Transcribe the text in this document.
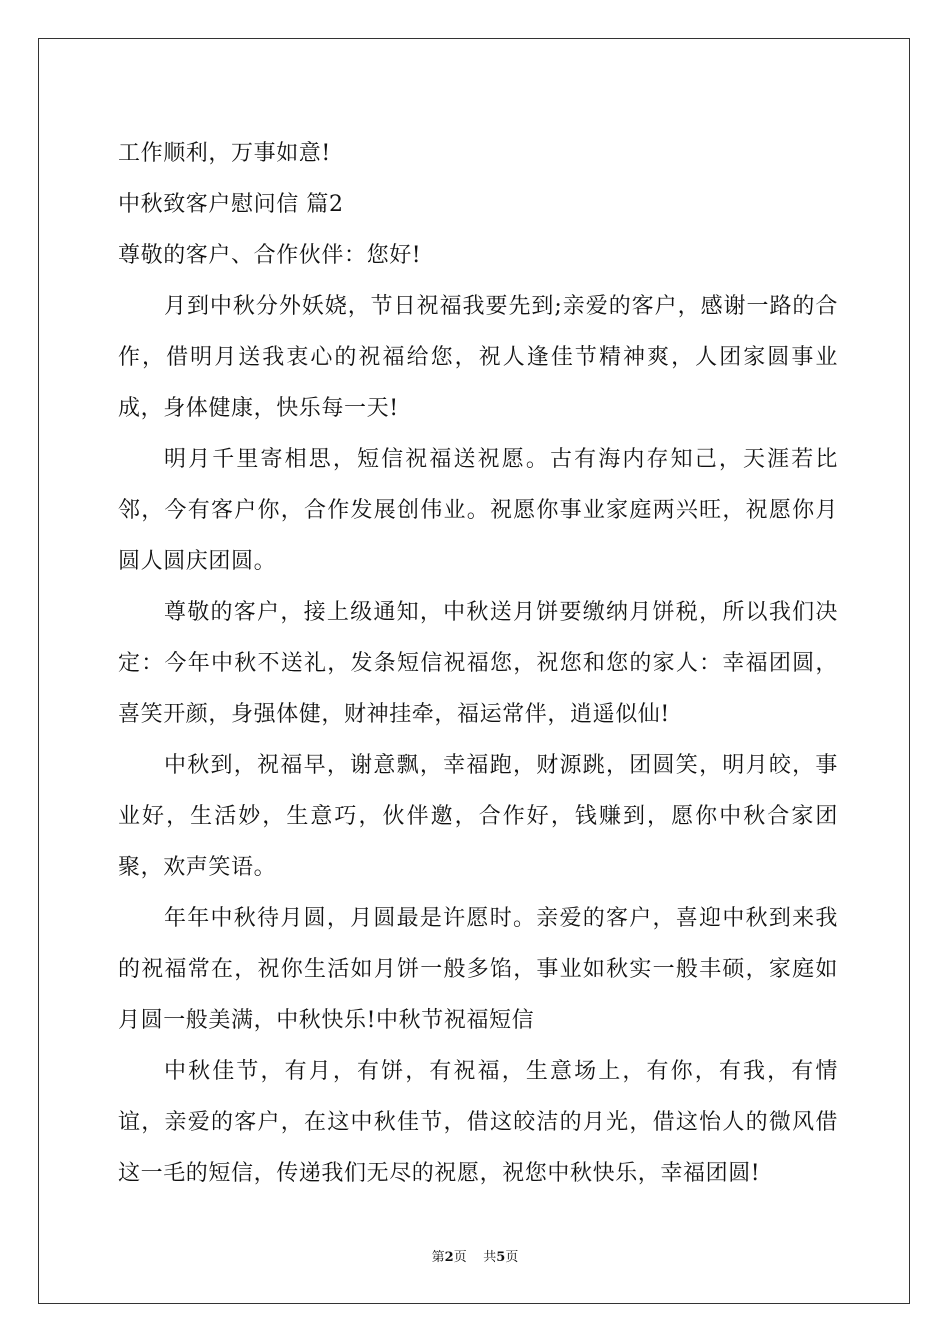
工作顺利，万事如意!

中秋致客户慰问信 篇2

尊敬的客户、合作伙伴：您好!

月到中秋分外妖娆，节日祝福我要先到;亲爱的客户，感谢一路的合作，借明月送我衷心的祝福给您，祝人逢佳节精神爽，人团家圆事业成，身体健康，快乐每一天!

明月千里寄相思，短信祝福送祝愿。古有海内存知己，天涯若比邻，今有客户你，合作发展创伟业。祝愿你事业家庭两兴旺，祝愿你月圆人圆庆团圆。

尊敬的客户，接上级通知，中秋送月饼要缴纳月饼税，所以我们决定：今年中秋不送礼，发条短信祝福您，祝您和您的家人：幸福团圆，喜笑开颜，身强体健，财神挂牵，福运常伴，逍遥似仙!

中秋到，祝福早，谢意飘，幸福跑，财源跳，团圆笑，明月皎，事业好，生活妙，生意巧，伙伴邀，合作好，钱赚到，愿你中秋合家团聚，欢声笑语。

年年中秋待月圆，月圆最是许愿时。亲爱的客户，喜迎中秋到来我的祝福常在，祝你生活如月饼一般多馅，事业如秋实一般丰硕，家庭如月圆一般美满，中秋快乐!中秋节祝福短信

中秋佳节，有月，有饼，有祝福，生意场上，有你，有我，有情谊，亲爱的客户，在这中秋佳节，借这皎洁的月光，借这怡人的微风借这一毛的短信，传递我们无尽的祝愿，祝您中秋快乐，幸福团圆!

第2页 共5页
